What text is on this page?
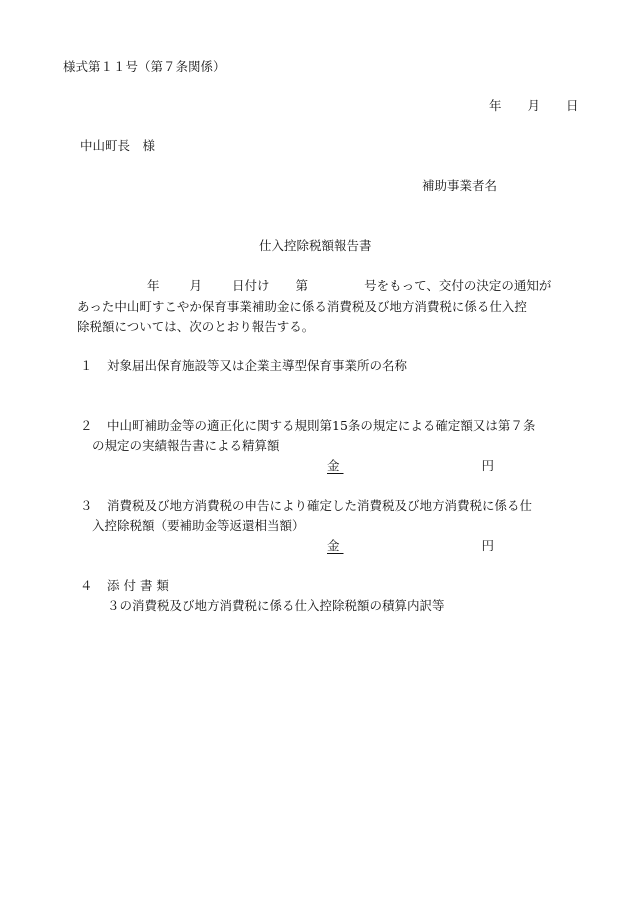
様式第１１号（第７条関係）
年 月 日
中山町長　様
補助事業者名
仕入控除税額報告書
年 月 日付け 第	号をもって、交付の決定の通知が
あった中山町すこやか保育事業補助金に係る消費税及び地方消費税に係る仕入控
除税額については、次のとおり報告する。
１ 対象届出保育施設等又は企業主導型保育事業所の名称
２ 中山町補助金等の適正化に関する規則第15条の規定による確定額又は第７条
の規定の実績報告書による精算額
金	円
３ 消費税及び地方消費税の申告により確定した消費税及び地方消費税に係る仕
入控除税額（要補助金等返還相当額）
金	円
４ 添 付 書 類
３の消費税及び地方消費税に係る仕入控除税額の積算内訳等
